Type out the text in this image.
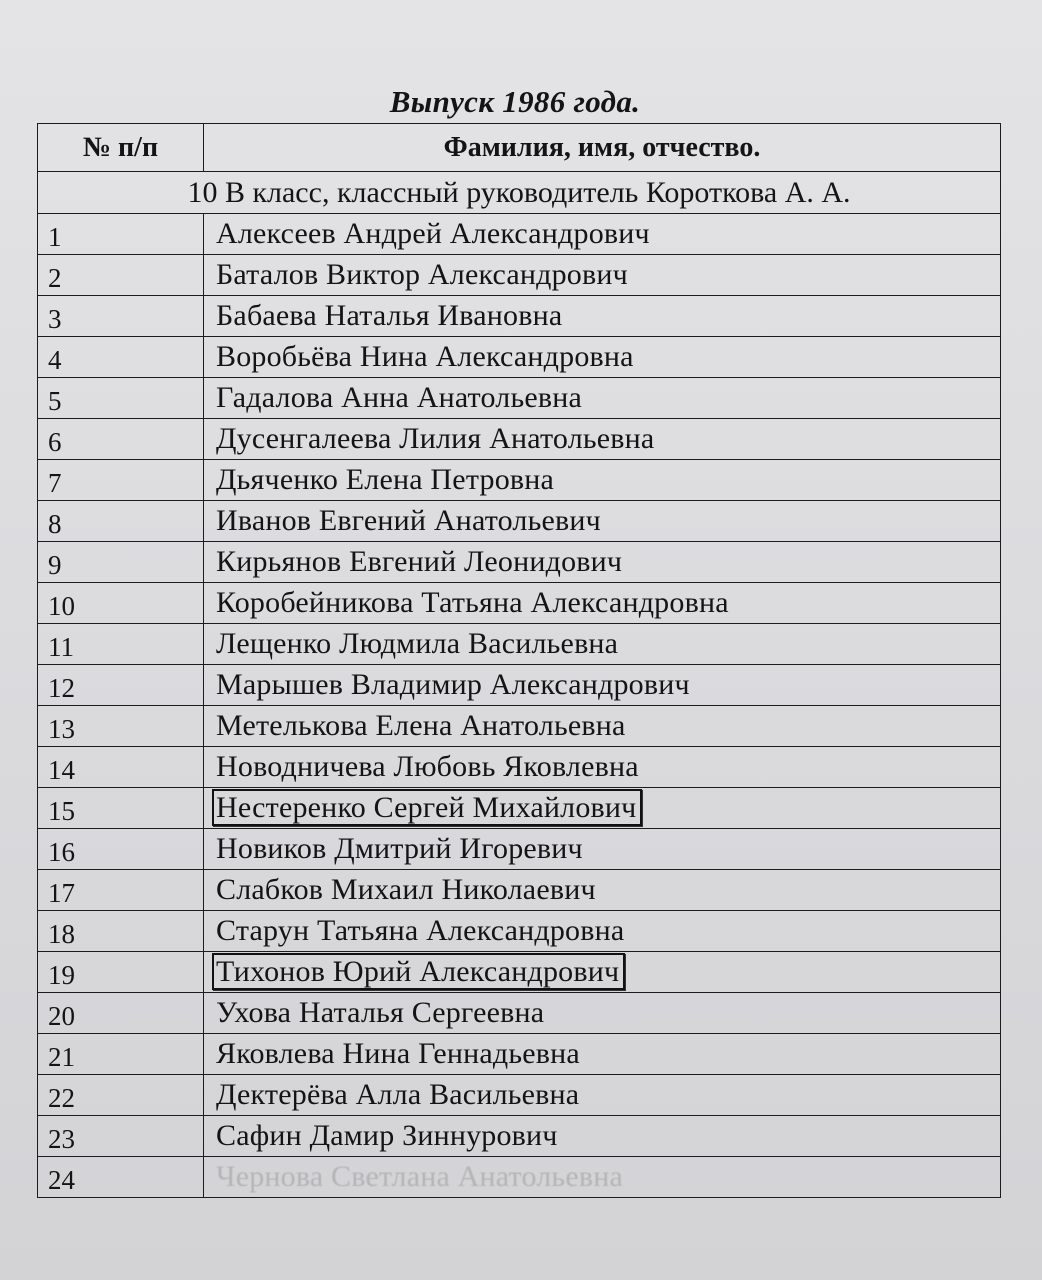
Выпуск 1986 года.
№ п/п	Фамилия, имя, отчество.
10 В класс, классный руководитель Короткова А. А.	
1	Алексеев Андрей Александрович
2	Баталов Виктор Александрович
3	Бабаева Наталья Ивановна
4	Воробьёва Нина Александровна
5	Гадалова Анна Анатольевна
6	Дусенгалеева Лилия Анатольевна
7	Дьяченко Елена Петровна
8	Иванов Евгений Анатольевич
9	Кирьянов Евгений Леонидович
10	Коробейникова Татьяна Александровна
11	Лещенко Людмила Васильевна
12	Марышев Владимир Александрович
13	Метелькова Елена Анатольевна
14	Новодничева Любовь Яковлевна
15	Нестеренко Сергей Михайлович
16	Новиков Дмитрий Игоревич
17	Слабков Михаил Николаевич
18	Старун Татьяна Александровна
19	Тихонов Юрий Александрович
20	Ухова Наталья Сергеевна
21	Яковлева Нина Геннадьевна
22	Дектерёва Алла Васильевна
23	Сафин Дамир Зиннурович
24	Чернова Светлана Анатольевна
